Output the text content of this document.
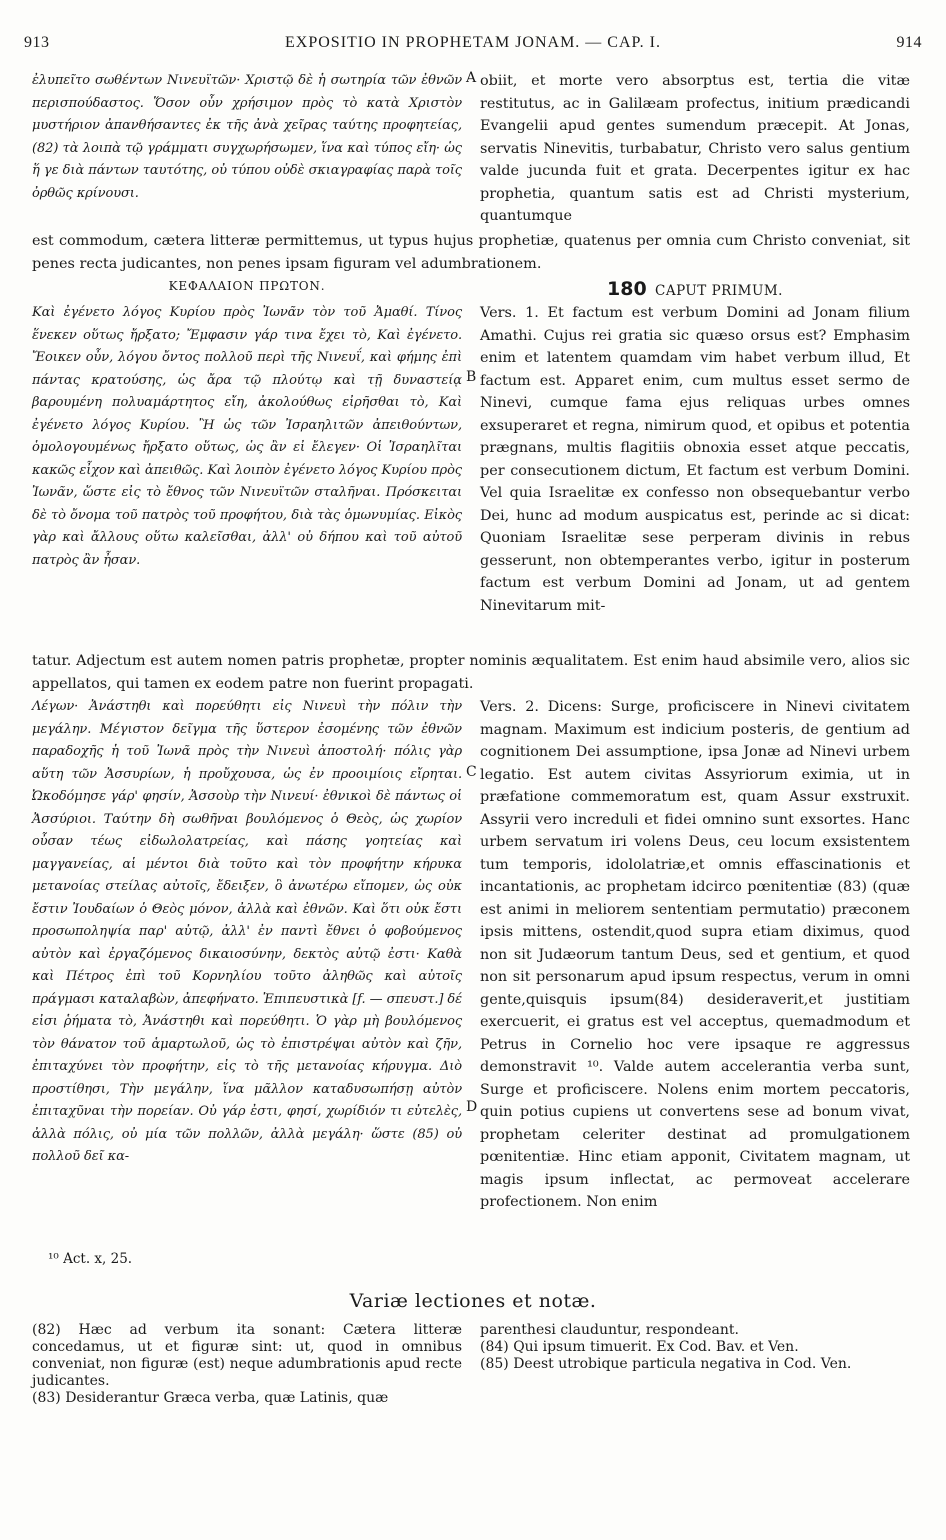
913	EXPOSITIO IN PROPHETAM JONAM. — CAP. I.	914

ἐλυπεῖτο σωθέντων Νινευϊτῶν· Χριστῷ δὲ ἡ σωτηρία τῶν ἐθνῶν περισπούδαστος. Ὅσον οὖν χρήσιμον πρὸς τὸ κατὰ Χριστὸν μυστήριον ἀπανθήσαντες ἐκ τῆς ἀνὰ χεῖρας ταύτης προφητείας, (82) τὰ λοιπὰ τῷ γράμματι συγχωρήσωμεν, ἵνα καὶ τύπος εἴη· ὡς ἥ γε διὰ πάντων ταυτότης, οὐ τύπου οὐδὲ σκιαγραφίας παρὰ τοῖς ὀρθῶς κρίνουσι.

obiit, et morte vero absorptus est, tertia die vitæ restitutus, ac in Galilæam profectus, initium prædicandi Evangelii apud gentes sumendum præcepit. At Jonas, servatis Ninevitis, turbabatur, Christo vero salus gentium valde jucunda fuit et grata. Decerpentes igitur ex hac prophetia, quantum satis est ad Christi mysterium, quantumque

est commodum, cætera litteræ permittemus, ut typus hujus prophetiæ, quatenus per omnia cum Christo conveniat, sit penes recta judicantes, non penes ipsam figuram vel adumbrationem.

ΚΕΦΑΛΑΙΟΝ ΠΡΩΤΟΝ.	180 CAPUT PRIMUM.

Καὶ ἐγένετο λόγος Κυρίου πρὸς Ἰωνᾶν τὸν τοῦ Ἀμαθί. Τίνος ἕνεκεν οὕτως ἤρξατο; Ἔμφασιν γάρ τινα ἔχει τὸ, Καὶ ἐγένετο. Ἔοικεν οὖν, λόγου ὄντος πολλοῦ περὶ τῆς Νινευΐ, καὶ φήμης ἐπὶ πάντας κρατούσης, ὡς ἄρα τῷ πλούτῳ καὶ τῇ δυναστείᾳ βαρουμένη πολυαμάρτητος εἴη, ἀκολούθως εἰρῆσθαι τὸ, Καὶ ἐγένετο λόγος Κυρίου. Ἢ ὡς τῶν Ἰσραηλιτῶν ἀπειθούντων, ὁμολογουμένως ἤρξατο οὕτως, ὡς ἂν εἰ ἔλεγεν· Οἱ Ἰσραηλῖται κακῶς εἶχον καὶ ἀπειθῶς. Καὶ λοιπὸν ἐγένετο λόγος Κυρίου πρὸς Ἰωνᾶν, ὥστε εἰς τὸ ἔθνος τῶν Νινευϊτῶν σταλῆναι. Πρόσκειται δὲ τὸ ὄνομα τοῦ πατρὸς τοῦ προφήτου, διὰ τὰς ὁμωνυμίας. Εἰκὸς γὰρ καὶ ἄλλους οὕτω καλεῖσθαι, ἀλλ' οὐ δήπου καὶ τοῦ αὐτοῦ πατρὸς ἂν ἦσαν.

Vers. 1. Et factum est verbum Domini ad Jonam filium Amathi. Cujus rei gratia sic quæso orsus est? Emphasim enim et latentem quamdam vim habet verbum illud, Et factum est. Apparet enim, cum multus esset sermo de Ninevi, cumque fama ejus reliquas urbes omnes exsuperaret et regna, nimirum quod, et opibus et potentia prægnans, multis flagitiis obnoxia esset atque peccatis, per consecutionem dictum, Et factum est verbum Domini. Vel quia Israelitæ ex confesso non obsequebantur verbo Dei, hunc ad modum auspicatus est, perinde ac si dicat: Quoniam Israelitæ sese perperam divinis in rebus gesserunt, non obtemperantes verbo, igitur in posterum factum est verbum Domini ad Jonam, ut ad gentem Ninevitarum mit-

tatur. Adjectum est autem nomen patris prophetæ, propter nominis æqualitatem. Est enim haud absimile vero, alios sic appellatos, qui tamen ex eodem patre non fuerint propagati.

Λέγων· Ἀνάστηθι καὶ πορεύθητι εἰς Νινευὶ τὴν πόλιν τὴν μεγάλην. Μέγιστον δεῖγμα τῆς ὕστερον ἐσομένης τῶν ἐθνῶν παραδοχῆς ἡ τοῦ Ἰωνᾶ πρὸς τὴν Νινευὶ ἀποστολή· πόλις γὰρ αὕτη τῶν Ἀσσυρίων, ἡ προὔχουσα, ὡς ἐν προοιμίοις εἴρηται. Ὠκοδόμησε γάρ' φησίν, Ἀσσοὺρ τὴν Νινευί· ἐθνικοὶ δὲ πάντως οἱ Ἀσσύριοι. Ταύτην δὴ σωθῆναι βουλόμενος ὁ Θεὸς, ὡς χωρίον οὖσαν τέως εἰδωλολατρείας, καὶ πάσης γοητείας καὶ μαγγανείας, αἱ μέντοι διὰ τοῦτο καὶ τὸν προφήτην κήρυκα μετανοίας στείλας αὐτοῖς, ἔδειξεν, ὃ ἀνωτέρω εἴπομεν, ὡς οὐκ ἔστιν Ἰουδαίων ὁ Θεὸς μόνον, ἀλλὰ καὶ ἐθνῶν. Καὶ ὅτι οὐκ ἔστι προσωποληψία παρ' αὐτῷ, ἀλλ' ἐν παντὶ ἔθνει ὁ φοβούμενος αὐτὸν καὶ ἐργαζόμενος δικαιοσύνην, δεκτὸς αὐτῷ ἐστι· Καθὰ καὶ Πέτρος ἐπὶ τοῦ Κορνηλίου τοῦτο ἀληθῶς καὶ αὐτοῖς πράγμασι καταλαβὼν, ἀπεφήνατο. Ἐπιπευστικὰ [f. — σπευστ.] δέ εἰσι ῥήματα τὸ, Ἀνάστηθι καὶ πορεύθητι. Ὁ γὰρ μὴ βουλόμενος τὸν θάνατον τοῦ ἁμαρτωλοῦ, ὡς τὸ ἐπιστρέψαι αὐτὸν καὶ ζῆν, ἐπιταχύνει τὸν προφήτην, εἰς τὸ τῆς μετανοίας κήρυγμα. Διὸ προστίθησι, Τὴν μεγάλην, ἵνα μᾶλλον καταδυσωπήσῃ αὐτὸν ἐπιταχῦναι τὴν πορείαν. Οὐ γάρ ἐστι, φησί, χωρίδιόν τι εὐτελὲς, ἀλλὰ πόλις, οὐ μία τῶν πολλῶν, ἀλλὰ μεγάλη· ὥστε (85) οὐ πολλοῦ δεῖ κα-

Vers. 2. Dicens: Surge, proficiscere in Ninevi civitatem magnam. Maximum est indicium posteris, de gentium ad cognitionem Dei assumptione, ipsa Jonæ ad Ninevi urbem legatio. Est autem civitas Assyriorum eximia, ut in præfatione commemoratum est, quam Assur exstruxit. Assyrii vero increduli et fidei omnino sunt exsortes. Hanc urbem servatum iri volens Deus, ceu locum exsistentem tum temporis, idololatriæ,et omnis effascinationis et incantationis, ac prophetam idcirco pœnitentiæ (83) (quæ est animi in meliorem sententiam permutatio) præconem ipsis mittens, ostendit,quod supra etiam diximus, quod non sit Judæorum tantum Deus, sed et gentium, et quod non sit personarum apud ipsum respectus, verum in omni gente,quisquis ipsum(84) desideraverit,et justitiam exercuerit, ei gratus est vel acceptus, quemadmodum et Petrus in Cornelio hoc vere ipsaque re aggressus demonstravit ¹⁰. Valde autem accelerantia verba sunt, Surge et proficiscere. Nolens enim mortem peccatoris, quin potius cupiens ut convertens sese ad bonum vivat, prophetam celeriter destinat ad promulgationem pœnitentiæ. Hinc etiam apponit, Civitatem magnam, ut magis ipsum inflectat, ac permoveat accelerare profectionem. Non enim

A
B
C
D
¹⁰ Act. x, 25.
Variæ lectiones et notæ.

(82) Hæc ad verbum ita sonant: Cætera litteræ concedamus, ut et figuræ sint: ut, quod in omnibus conveniat, non figuræ (est) neque adumbrationis apud recte judicantes.

(83) Desiderantur Græca verba, quæ Latinis, quæ

parenthesi clauduntur, respondeant.

(84) Qui ipsum timuerit. Ex Cod. Bav. et Ven.

(85) Deest utrobique particula negativa in Cod. Ven.
